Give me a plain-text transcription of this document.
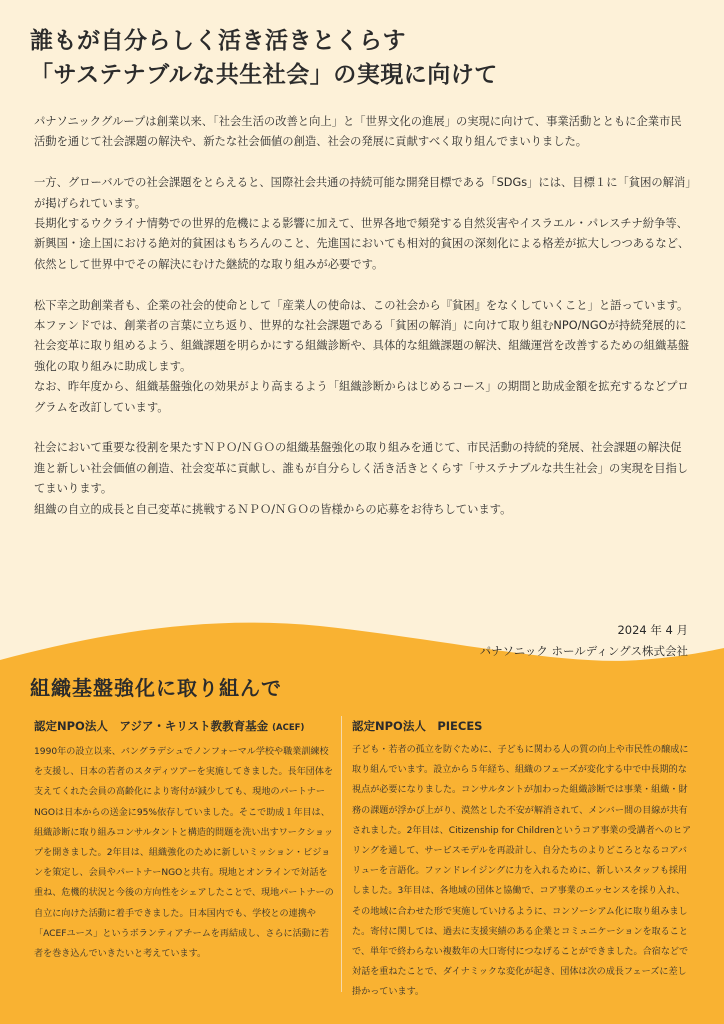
誰もが自分らしく活き活きとくらす
「サステナブルな共生社会」の実現に向けて

パナソニックグループは創業以来、「社会生活の改善と向上」と「世界文化の進展」の実現に向けて、事業活動とともに企業市民活動を通じて社会課題の解決や、新たな社会価値の創造、社会の発展に貢献すべく取り組んでまいりました。

一方、グローバルでの社会課題をとらえると、国際社会共通の持続可能な開発目標である「SDGs」には、目標１に「貧困の解消」が掲げられています。

長期化するウクライナ情勢での世界的危機による影響に加えて、世界各地で頻発する自然災害やイスラエル・パレスチナ紛争等、新興国・途上国における絶対的貧困はもちろんのこと、先進国においても相対的貧困の深刻化による格差が拡大しつつあるなど、依然として世界中でその解決にむけた継続的な取り組みが必要です。

松下幸之助創業者も、企業の社会的使命として「産業人の使命は、この社会から『貧困』をなくしていくこと」と語っています。

本ファンドでは、創業者の言葉に立ち返り、世界的な社会課題である「貧困の解消」に向けて取り組むNPO/NGOが持続発展的に社会変革に取り組めるよう、組織課題を明らかにする組織診断や、具体的な組織課題の解決、組織運営を改善するための組織基盤強化の取り組みに助成します。

なお、昨年度から、組織基盤強化の効果がより高まるよう「組織診断からはじめるコース」の期間と助成金額を拡充するなどプログラムを改訂しています。

社会において重要な役割を果たすＮＰＯ/ＮＧＯの組織基盤強化の取り組みを通じて、市民活動の持続的発展、社会課題の解決促進と新しい社会価値の創造、社会変革に貢献し、誰もが自分らしく活き活きとくらす「サステナブルな共生社会」の実現を目指してまいります。

組織の自立的成長と自己変革に挑戦するＮＰＯ/ＮＧＯの皆様からの応募をお待ちしています。

2024 年 4 月
パナソニック ホールディングス株式会社
組織基盤強化に取り組んで

認定NPO法人　アジア・キリスト教教育基金 (ACEF)

1990年の設立以来、バングラデシュでノンフォーマル学校や職業訓練校を支援し、日本の若者のスタディツアーを実施してきました。長年団体を支えてくれた会員の高齢化により寄付が減少しても、現地のパートナーNGOは日本からの送金に95%依存していました。そこで助成１年目は、組織診断に取り組みコンサルタントと構造的問題を洗い出すワークショップを開きました。2年目は、組織強化のために新しいミッション・ビジョンを策定し、会員やパートナーNGOと共有。現地とオンラインで対話を重ね、危機的状況と今後の方向性をシェアしたことで、現地パートナーの自立に向けた活動に着手できました。日本国内でも、学校との連携や「ACEFユース」というボランティアチームを再結成し、さらに活動に若者を巻き込んでいきたいと考えています。

認定NPO法人　PIECES

子ども・若者の孤立を防ぐために、子どもに関わる人の質の向上や市民性の醸成に取り組んでいます。設立から５年経ち、組織のフェーズが変化する中で中長期的な視点が必要になりました。コンサルタントが加わった組織診断では事業・組織・財務の課題が浮かび上がり、漠然とした不安が解消されて、メンバー間の目線が共有されました。2年目は、Citizenship for Childrenというコア事業の受講者へのヒアリングを通して、サービスモデルを再設計し、自分たちのよりどころとなるコアバリューを言語化。ファンドレイジングに力を入れるために、新しいスタッフも採用しました。3年目は、各地域の団体と協働で、コア事業のエッセンスを採り入れ、その地域に合わせた形で実施していけるように、コンソーシアム化に取り組みました。寄付に関しては、過去に支援実績のある企業とコミュニケーションを取ることで、単年で終わらない複数年の大口寄付につなげることができました。合宿などで対話を重ねたことで、ダイナミックな変化が起き、団体は次の成長フェーズに差し掛かっています。
